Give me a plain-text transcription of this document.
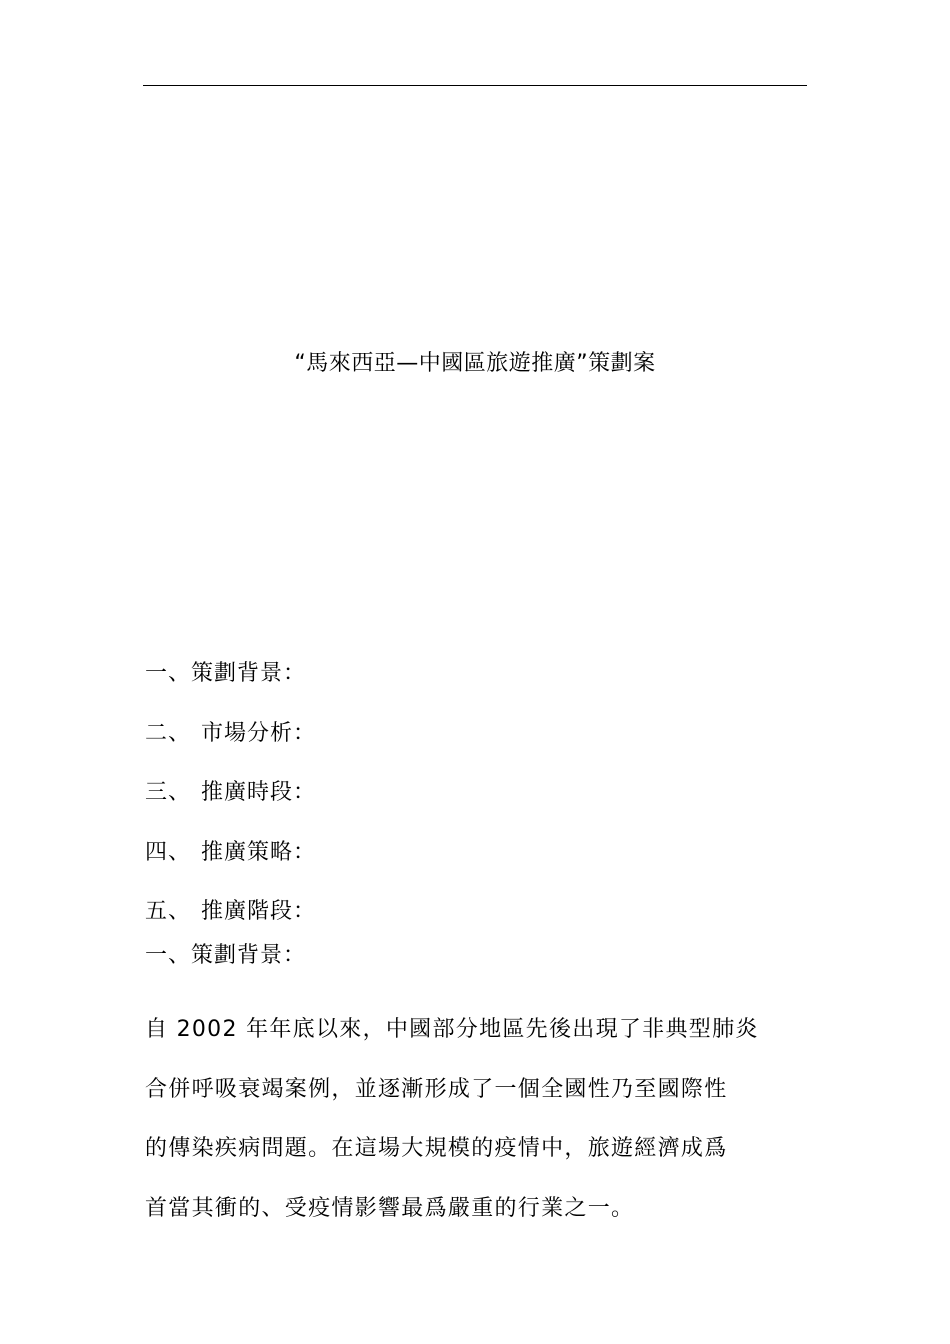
“馬來西亞—中國區旅遊推廣”策劃案
一、策劃背景：
二、 市場分析：
三、 推廣時段：
四、 推廣策略：
五、 推廣階段：
一、策劃背景：

自 2002 年年底以來，中國部分地區先後出現了非典型肺炎
合併呼吸衰竭案例，並逐漸形成了一個全國性乃至國際性
的傳染疾病問題。在這場大規模的疫情中，旅遊經濟成爲
首當其衝的、受疫情影響最爲嚴重的行業之一。
